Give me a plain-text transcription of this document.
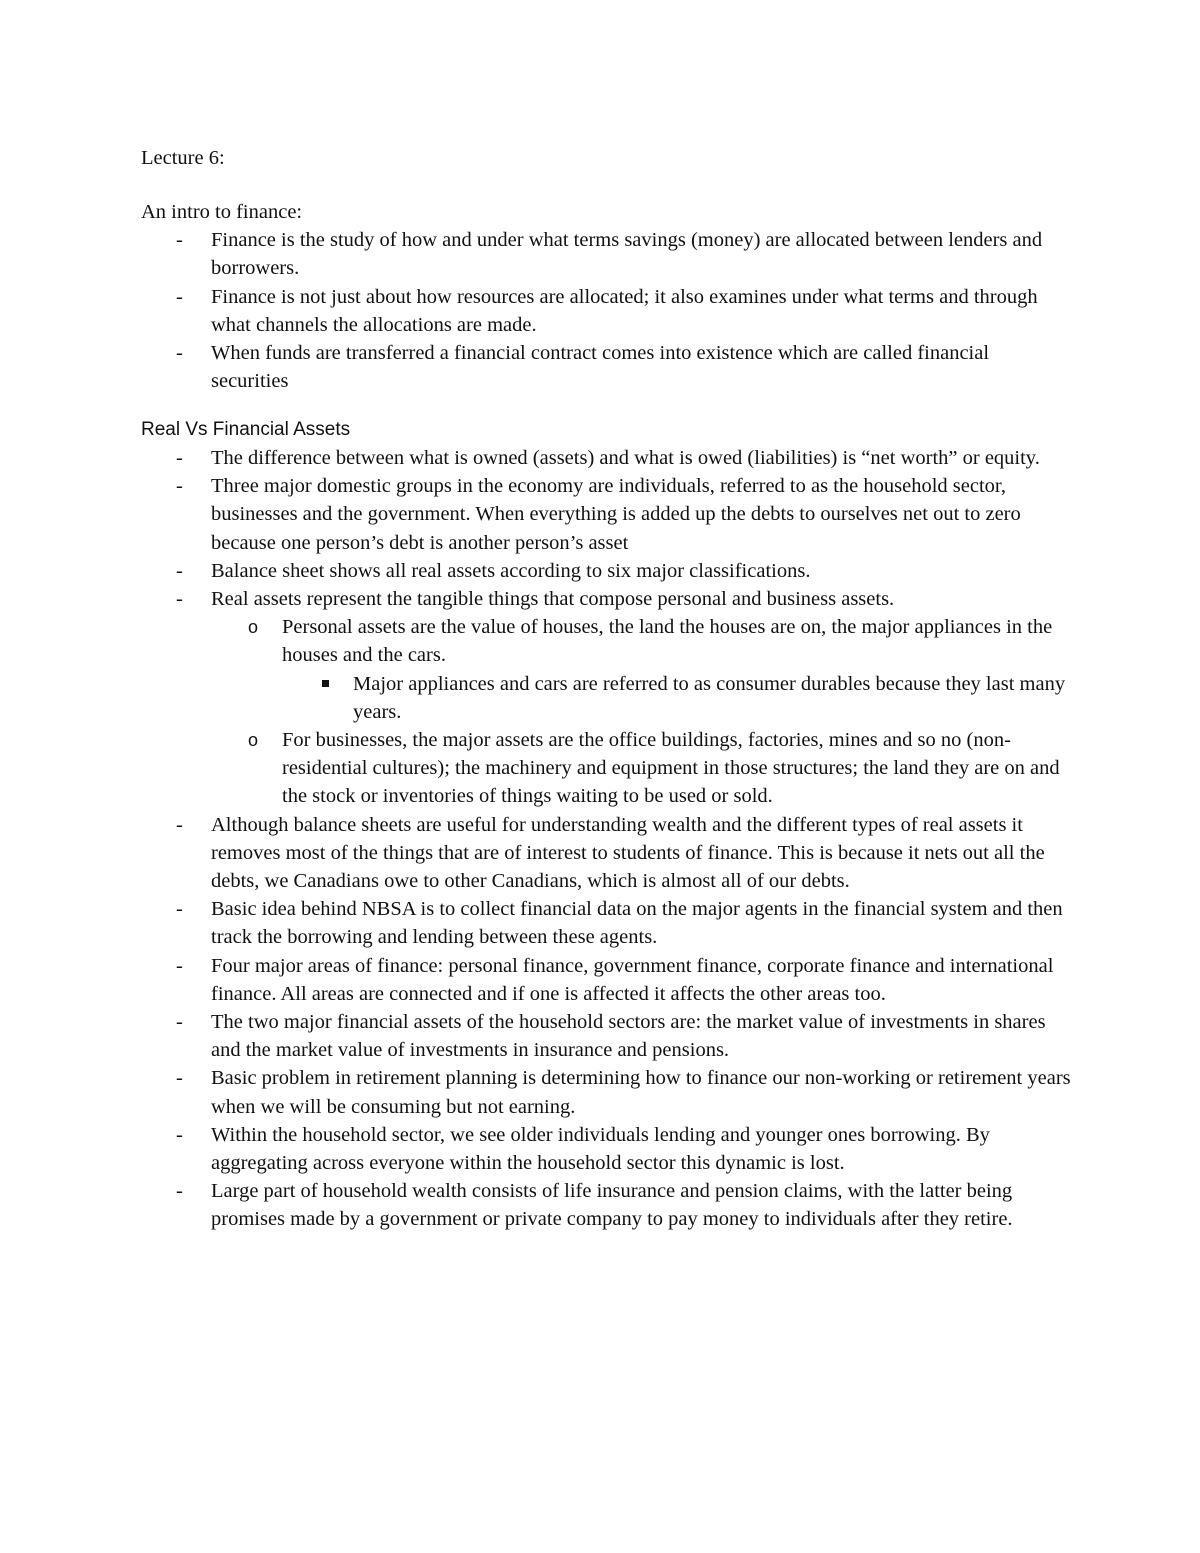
Lecture 6:

An intro to finance:

- Finance is the study of how and under what terms savings (money) are allocated between lenders and borrowers.
- Finance is not just about how resources are allocated; it also examines under what terms and through what channels the allocations are made.
- When funds are transferred a financial contract comes into existence which are called financial securities
Real Vs Financial Assets
- The difference between what is owned (assets) and what is owed (liabilities) is “net worth” or equity.
- Three major domestic groups in the economy are individuals, referred to as the household sector, businesses and the government. When everything is added up the debts to ourselves net out to zero because one person’s debt is another person’s asset
- Balance sheet shows all real assets according to six major classifications.
- Real assets represent the tangible things that compose personal and business assets.
o Personal assets are the value of houses, the land the houses are on, the major appliances in the houses and the cars.
Major appliances and cars are referred to as consumer durables because they last many years.
o For businesses, the major assets are the office buildings, factories, mines and so no (non-residential cultures); the machinery and equipment in those structures; the land they are on and the stock or inventories of things waiting to be used or sold.
- Although balance sheets are useful for understanding wealth and the different types of real assets it removes most of the things that are of interest to students of finance. This is because it nets out all the debts, we Canadians owe to other Canadians, which is almost all of our debts.
- Basic idea behind NBSA is to collect financial data on the major agents in the financial system and then track the borrowing and lending between these agents.
- Four major areas of finance: personal finance, government finance, corporate finance and international finance. All areas are connected and if one is affected it affects the other areas too.
- The two major financial assets of the household sectors are: the market value of investments in shares and the market value of investments in insurance and pensions.
- Basic problem in retirement planning is determining how to finance our non-working or retirement years when we will be consuming but not earning.
- Within the household sector, we see older individuals lending and younger ones borrowing. By aggregating across everyone within the household sector this dynamic is lost.
- Large part of household wealth consists of life insurance and pension claims, with the latter being promises made by a government or private company to pay money to individuals after they retire.
